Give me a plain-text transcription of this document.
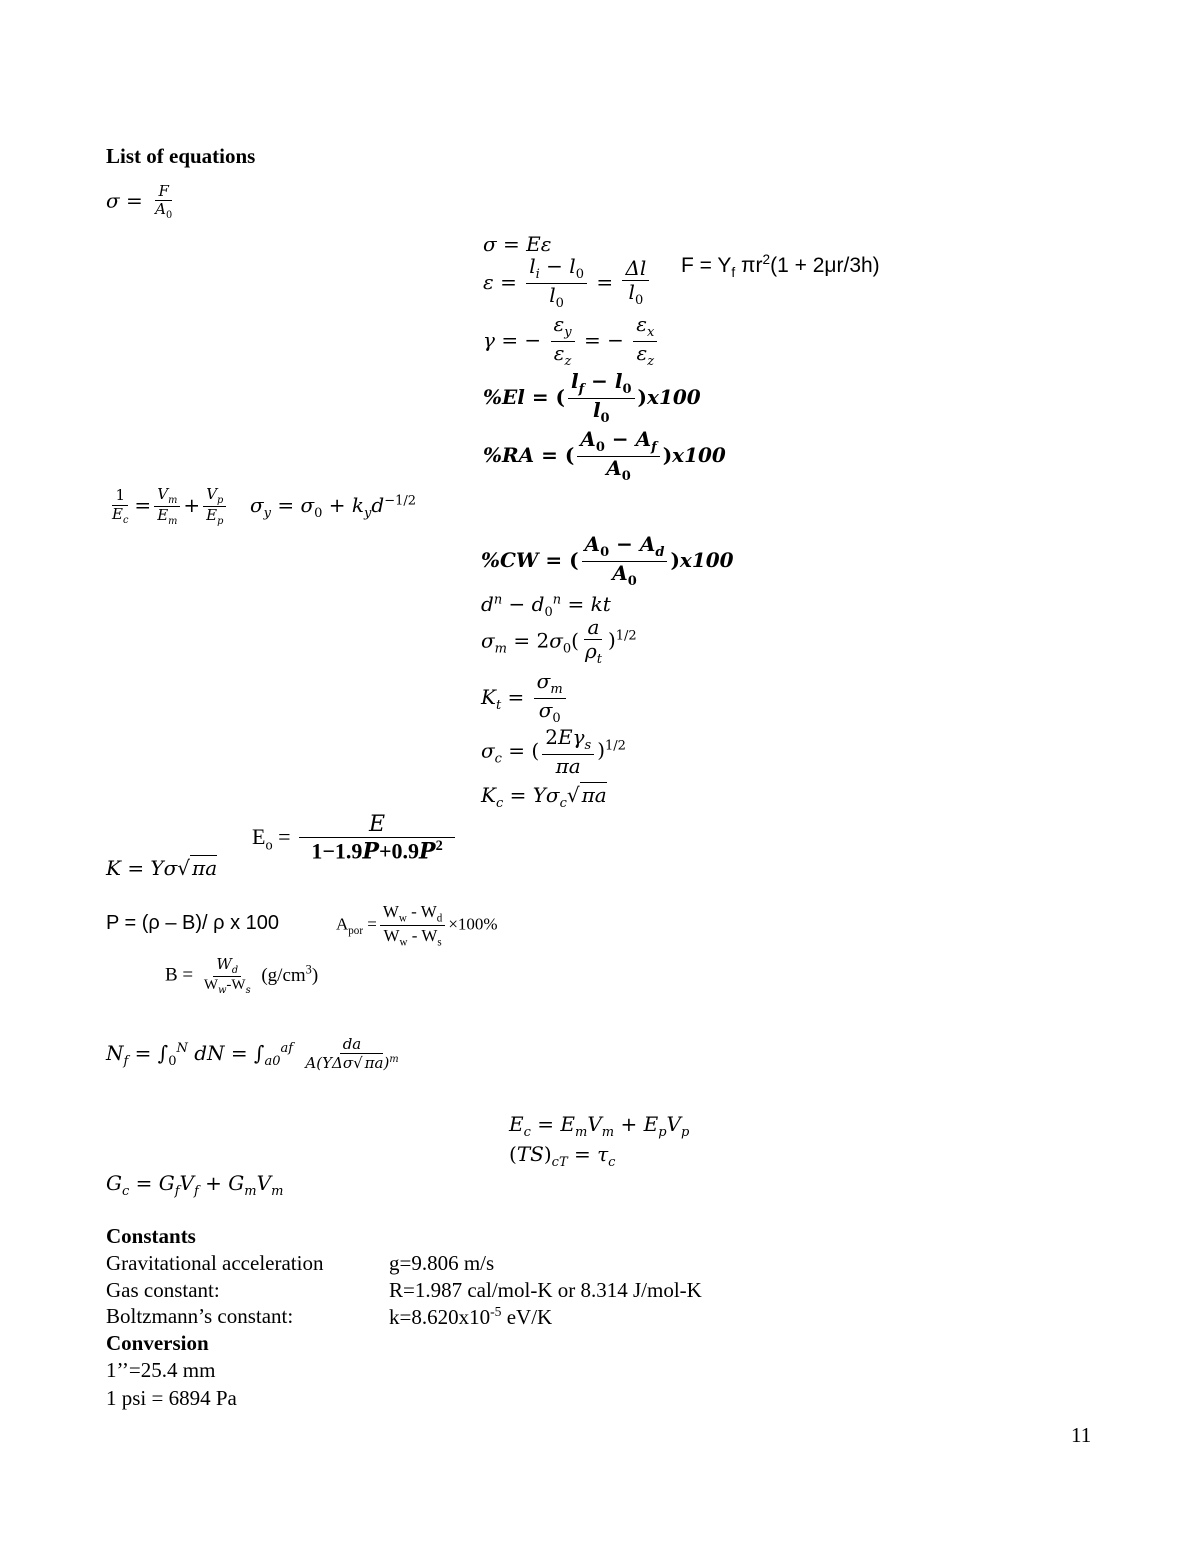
List of equations
$\sigma = \frac{F}{A_0}$
σ = Eε
$\varepsilon = \frac{l_i - l_0}{l_0} = \frac{\Delta l}{l_0}$ $F = Y_f$ $\pi r^2(1 + 2\mu r/3h)$
γ = − $\frac{\varepsilon_y}{\varepsilon_z}$ = − $\frac{\varepsilon_x}{\varepsilon_z}$
%El = ( $\frac{l_f - l_0}{l_0} )x100$
%RA = ( $\frac{A_0 - A_f}{A_0} )x100$
$\frac{1}{E_c} = \frac{V_m}{E_m} + \frac{V_p}{E_p} \sigma_y = \sigma_0 + k_yd^{-1/2}$
%CW = ( $\frac{A_0 - A_d}{A_0} )x100$
$d^n - d_0^n$ = kt
$\sigma_m = 2\sigma_0( \frac{a}{\rho_t} )^{1/2}$
$K_t = \frac{\sigma_m}{\sigma_0}$
$\sigma_c$ = ( $\frac{2E\gamma_s}{\pi a} )^{1/2}$
$K_c = Y\sigma_c√$ πa
$E_o = \frac{E}{1-1.9P+0.9P^2}$
K = Yσ√ πa
P = (ρ – B)/ ρ x 100	$A_{por} = \frac{W_w - W_d}{W_w - W_s} \times 100\%$
$B = \frac{W_d}{W_w-W_s} (g/cm^3)$
$N_f = \int_0^N$ dN = $\int_{a0}^{af} \frac{da}{A(Y\Delta\sigma√ \pi a)^m}$
$E_c = E_mV_m + E_pV_p$
$(TS)_{cT} = \tau_c$
$G_c = G_fV_f + G_mV_m$
Constants
Gravitational acceleration	g=9.806 m/s
Gas constant:	R=1.987 cal/mol-K or 8.314 J/mol-K
Boltzmann’s constant:	$k=8.620x10^{-5}$ eV/K
Conversion
1’’=25.4 mm
1 psi = 6894 Pa
11
